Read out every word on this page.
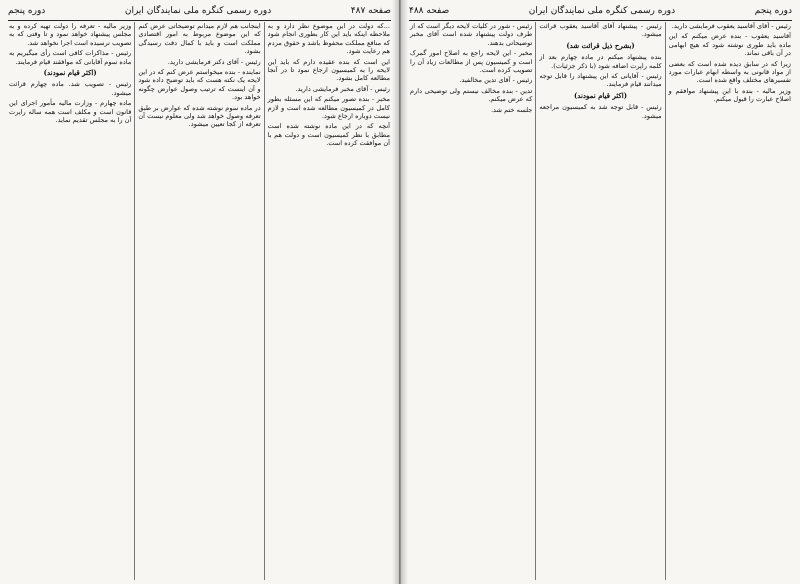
صفحه ۴۸۷
دوره رسمی کنگره ملی نمایندگان ایران
دوره پنجم

...که دولت در این موضوع نظر دارد و به ملاحظه اینکه باید این کار بطوری انجام شود که منافع مملکت محفوظ باشد و حقوق مردم هم رعایت شود.

این است که بنده عقیده دارم که باید این لایحه را به کمیسیون ارجاع نمود تا در آنجا مطالعه کامل بشود.

رئیس - آقای مخبر فرمایشی دارید.

مخبر - بنده تصور میکنم که این مسئله بطور کامل در کمیسیون مطالعه شده است و لازم نیست دوباره ارجاع شود.

آنچه که در این ماده نوشته شده است مطابق با نظر کمیسیون است و دولت هم با آن موافقت کرده است.

اینجانب هم لازم میدانم توضیحاتی عرض کنم که این موضوع مربوط به امور اقتصادی مملکت است و باید با کمال دقت رسیدگی بشود.

رئیس - آقای دکتر فرمایشی دارید.

نماینده - بنده میخواستم عرض کنم که در این لایحه یک نکته هست که باید توضیح داده شود و آن اینست که ترتیب وصول عوارض چگونه خواهد بود.

در ماده سوم نوشته شده که عوارض بر طبق تعرفه وصول خواهد شد ولی معلوم نیست آن تعرفه از کجا تعیین میشود.

وزیر مالیه - تعرفه را دولت تهیه کرده و به مجلس پیشنهاد خواهد نمود و تا وقتی که به تصویب نرسیده است اجرا نخواهد شد.

رئیس - مذاکرات کافی است رأی میگیریم به ماده سوم آقایانی که موافقند قیام فرمایند.

(اکثر قیام نمودند)

رئیس - تصویب شد. ماده چهارم قرائت میشود.

ماده چهارم - وزارت مالیه مأمور اجرای این قانون است و مکلف است همه ساله راپرت آن را به مجلس تقدیم نماید.

دوره پنجم
دوره رسمی کنگره ملی نمایندگان ایران
صفحه ۴۸۸

رئیس - آقای آقاسید یعقوب فرمایشی دارید.

آقاسید یعقوب - بنده عرض میکنم که این ماده باید طوری نوشته شود که هیچ ابهامی در آن باقی نماند.

زیرا که در سابق دیده شده است که بعضی از مواد قانونی به واسطه ابهام عبارات مورد تفسیرهای مختلف واقع شده است.

وزیر مالیه - بنده با این پیشنهاد موافقم و اصلاح عبارت را قبول میکنم.

رئیس - پیشنهاد آقای آقاسید یعقوب قرائت میشود.

(بشرح ذیل قرائت شد)

بنده پیشنهاد میکنم در ماده چهارم بعد از کلمه راپرت اضافه شود (با ذکر جزئیات).

رئیس - آقایانی که این پیشنهاد را قابل توجه میدانند قیام فرمایند.

(اکثر قیام نمودند)

رئیس - قابل توجه شد به کمیسیون مراجعه میشود.

رئیس - شور در کلیات لایحه دیگر است که از طرف دولت پیشنهاد شده است آقای مخبر توضیحاتی بدهند.

مخبر - این لایحه راجع به اصلاح امور گمرک است و کمیسیون پس از مطالعات زیاد آن را تصویب کرده است.

رئیس - آقای تدین مخالفید.

تدین - بنده مخالف نیستم ولی توضیحی دارم که عرض میکنم.

جلسه ختم شد.
